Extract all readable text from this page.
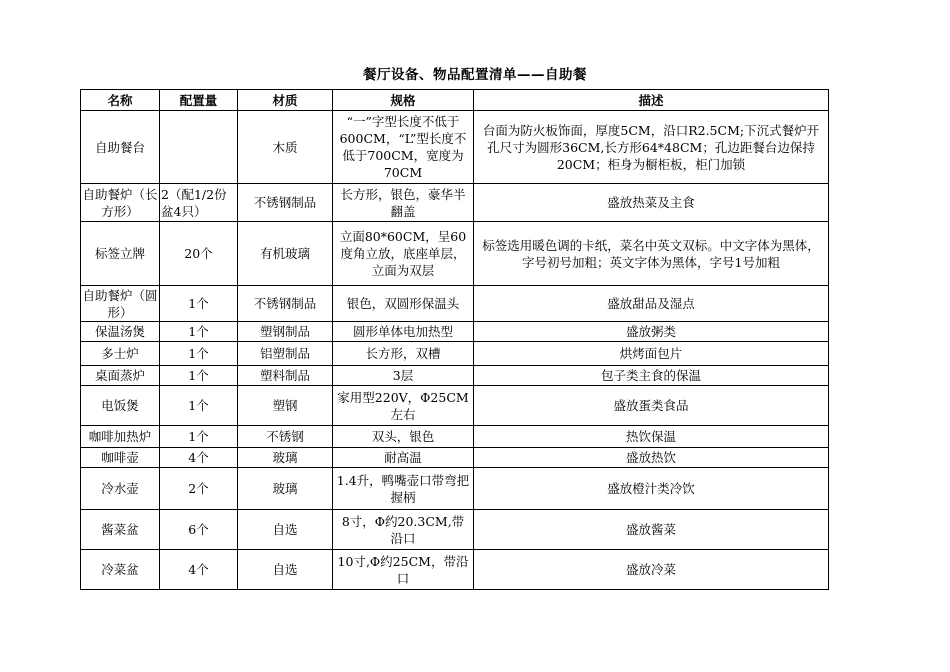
餐厅设备、物品配置清单——自助餐
名称	配置量	材质	规格	描述
自助餐台		木质	“一”字型长度不低于600CM，“L”型长度不低于700CM，宽度为70CM	台面为防火板饰面，厚度5CM，沿口R2.5CM;下沉式餐炉开孔尺寸为圆形36CM,长方形64*48CM；孔边距餐台边保持20CM；柜身为橱柜板，柜门加锁
自助餐炉（长方形）	2（配1/2份盆4只）	不锈钢制品	长方形，银色，豪华半翻盖	盛放热菜及主食
标签立牌	20个	有机玻璃	立面80*60CM，呈60度角立放，底座单层，立面为双层	标签选用暖色调的卡纸，菜名中英文双标。中文字体为黑体，字号初号加粗；英文字体为黑体，字号1号加粗
自助餐炉（圆形）	1个	不锈钢制品	银色，双圆形保温头	盛放甜品及湿点
保温汤煲	1个	塑钢制品	圆形单体电加热型	盛放粥类
多士炉	1个	铝塑制品	长方形，双槽	烘烤面包片
桌面蒸炉	1个	塑料制品	3层	包子类主食的保温
电饭煲	1个	塑钢	家用型220V，Φ25CM左右	盛放蛋类食品
咖啡加热炉	1个	不锈钢	双头，银色	热饮保温
咖啡壶	4个	玻璃	耐高温	盛放热饮
冷水壶	2个	玻璃	1.4升，鸭嘴壶口带弯把握柄	盛放橙汁类冷饮
酱菜盆	6个	自选	8寸，Φ约20.3CM,带沿口	盛放酱菜
冷菜盆	4个	自选	10寸,Φ约25CM，带沿口	盛放冷菜
